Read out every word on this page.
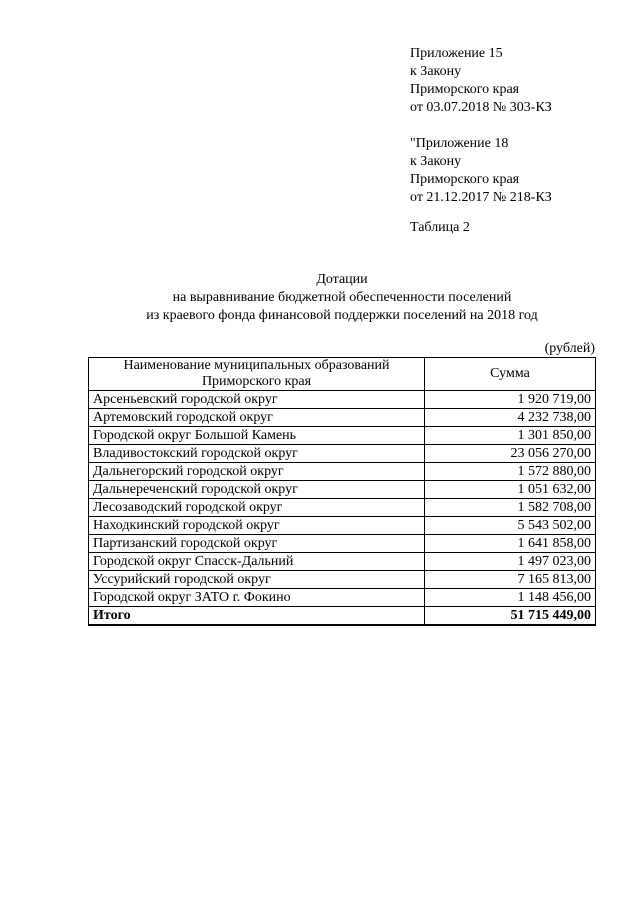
Приложение 15
к Закону
Приморского края
от 03.07.2018 № 303-КЗ
"Приложение 18
к Закону
Приморского края
от 21.12.2017 № 218-КЗ
Таблица 2
Дотации
на выравнивание бюджетной обеспеченности поселений
из краевого фонда финансовой поддержки поселений на 2018 год
(рублей)
Наименование муниципальных образований Приморского края	Сумма
Арсеньевский городской округ	1 920 719,00
Артемовский городской округ	4 232 738,00
Городской округ Большой Камень	1 301 850,00
Владивостокский городской округ	23 056 270,00
Дальнегорский городской округ	1 572 880,00
Дальнереченский городской округ	1 051 632,00
Лесозаводский городской округ	1 582 708,00
Находкинский городской округ	5 543 502,00
Партизанский городской округ	1 641 858,00
Городской округ Спасск-Дальний	1 497 023,00
Уссурийский городской округ	7 165 813,00
Городской округ ЗАТО г. Фокино	1 148 456,00
Итого	51 715 449,00
